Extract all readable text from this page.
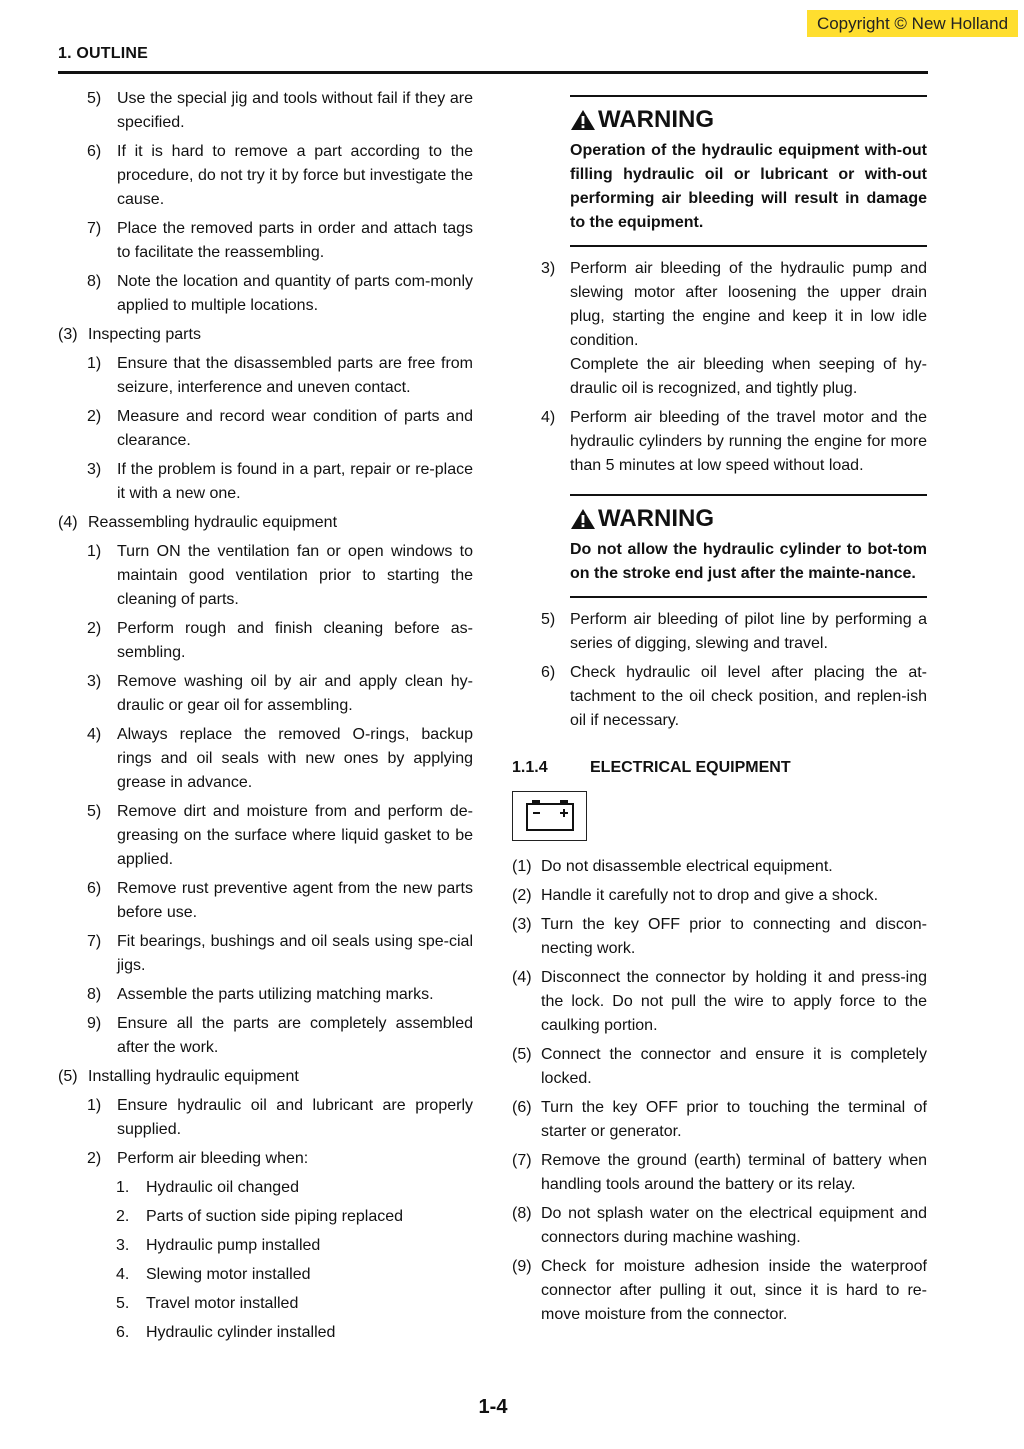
Copyright © New Holland
1. OUTLINE
5) Use the special jig and tools without fail if they are specified.
6) If it is hard to remove a part according to the procedure, do not try it by force but investigate the cause.
7) Place the removed parts in order and attach tags to facilitate the reassembling.
8) Note the location and quantity of parts com-monly applied to multiple locations.
(3) Inspecting parts
1) Ensure that the disassembled parts are free from seizure, interference and uneven contact.
2) Measure and record wear condition of parts and clearance.
3) If the problem is found in a part, repair or re-place it with a new one.
(4) Reassembling hydraulic equipment
1) Turn ON the ventilation fan or open windows to maintain good ventilation prior to starting the cleaning of parts.
2) Perform rough and finish cleaning before as-sembling.
3) Remove washing oil by air and apply clean hy-draulic or gear oil for assembling.
4) Always replace the removed O-rings, backup rings and oil seals with new ones by applying grease in advance.
5) Remove dirt and moisture from and perform de-greasing on the surface where liquid gasket to be applied.
6) Remove rust preventive agent from the new parts before use.
7) Fit bearings, bushings and oil seals using spe-cial jigs.
8) Assemble the parts utilizing matching marks.
9) Ensure all the parts are completely assembled after the work.
(5) Installing hydraulic equipment
1) Ensure hydraulic oil and lubricant are properly supplied.
2) Perform air bleeding when:
1. Hydraulic oil changed
2. Parts of suction side piping replaced
3. Hydraulic pump installed
4. Slewing motor installed
5. Travel motor installed
6. Hydraulic cylinder installed
WARNING
Operation of the hydraulic equipment with-out filling hydraulic oil or lubricant or with-out performing air bleeding will result in damage to the equipment.
3) Perform air bleeding of the hydraulic pump and slewing motor after loosening the upper drain plug, starting the engine and keep it in low idle condition.
Complete the air bleeding when seeping of hy-draulic oil is recognized, and tightly plug.
4) Perform air bleeding of the travel motor and the hydraulic cylinders by running the engine for more than 5 minutes at low speed without load.
WARNING
Do not allow the hydraulic cylinder to bot-tom on the stroke end just after the mainte-nance.
5) Perform air bleeding of pilot line by performing a series of digging, slewing and travel.
6) Check hydraulic oil level after placing the at-tachment to the oil check position, and replen-ish oil if necessary.
1.1.4	ELECTRICAL EQUIPMENT
(1) Do not disassemble electrical equipment.
(2) Handle it carefully not to drop and give a shock.
(3) Turn the key OFF prior to connecting and discon-necting work.
(4) Disconnect the connector by holding it and press-ing the lock. Do not pull the wire to apply force to the caulking portion.
(5) Connect the connector and ensure it is completely locked.
(6) Turn the key OFF prior to touching the terminal of starter or generator.
(7) Remove the ground (earth) terminal of battery when handling tools around the battery or its relay.
(8) Do not splash water on the electrical equipment and connectors during machine washing.
(9) Check for moisture adhesion inside the waterproof connector after pulling it out, since it is hard to re-move moisture from the connector.
1-4
